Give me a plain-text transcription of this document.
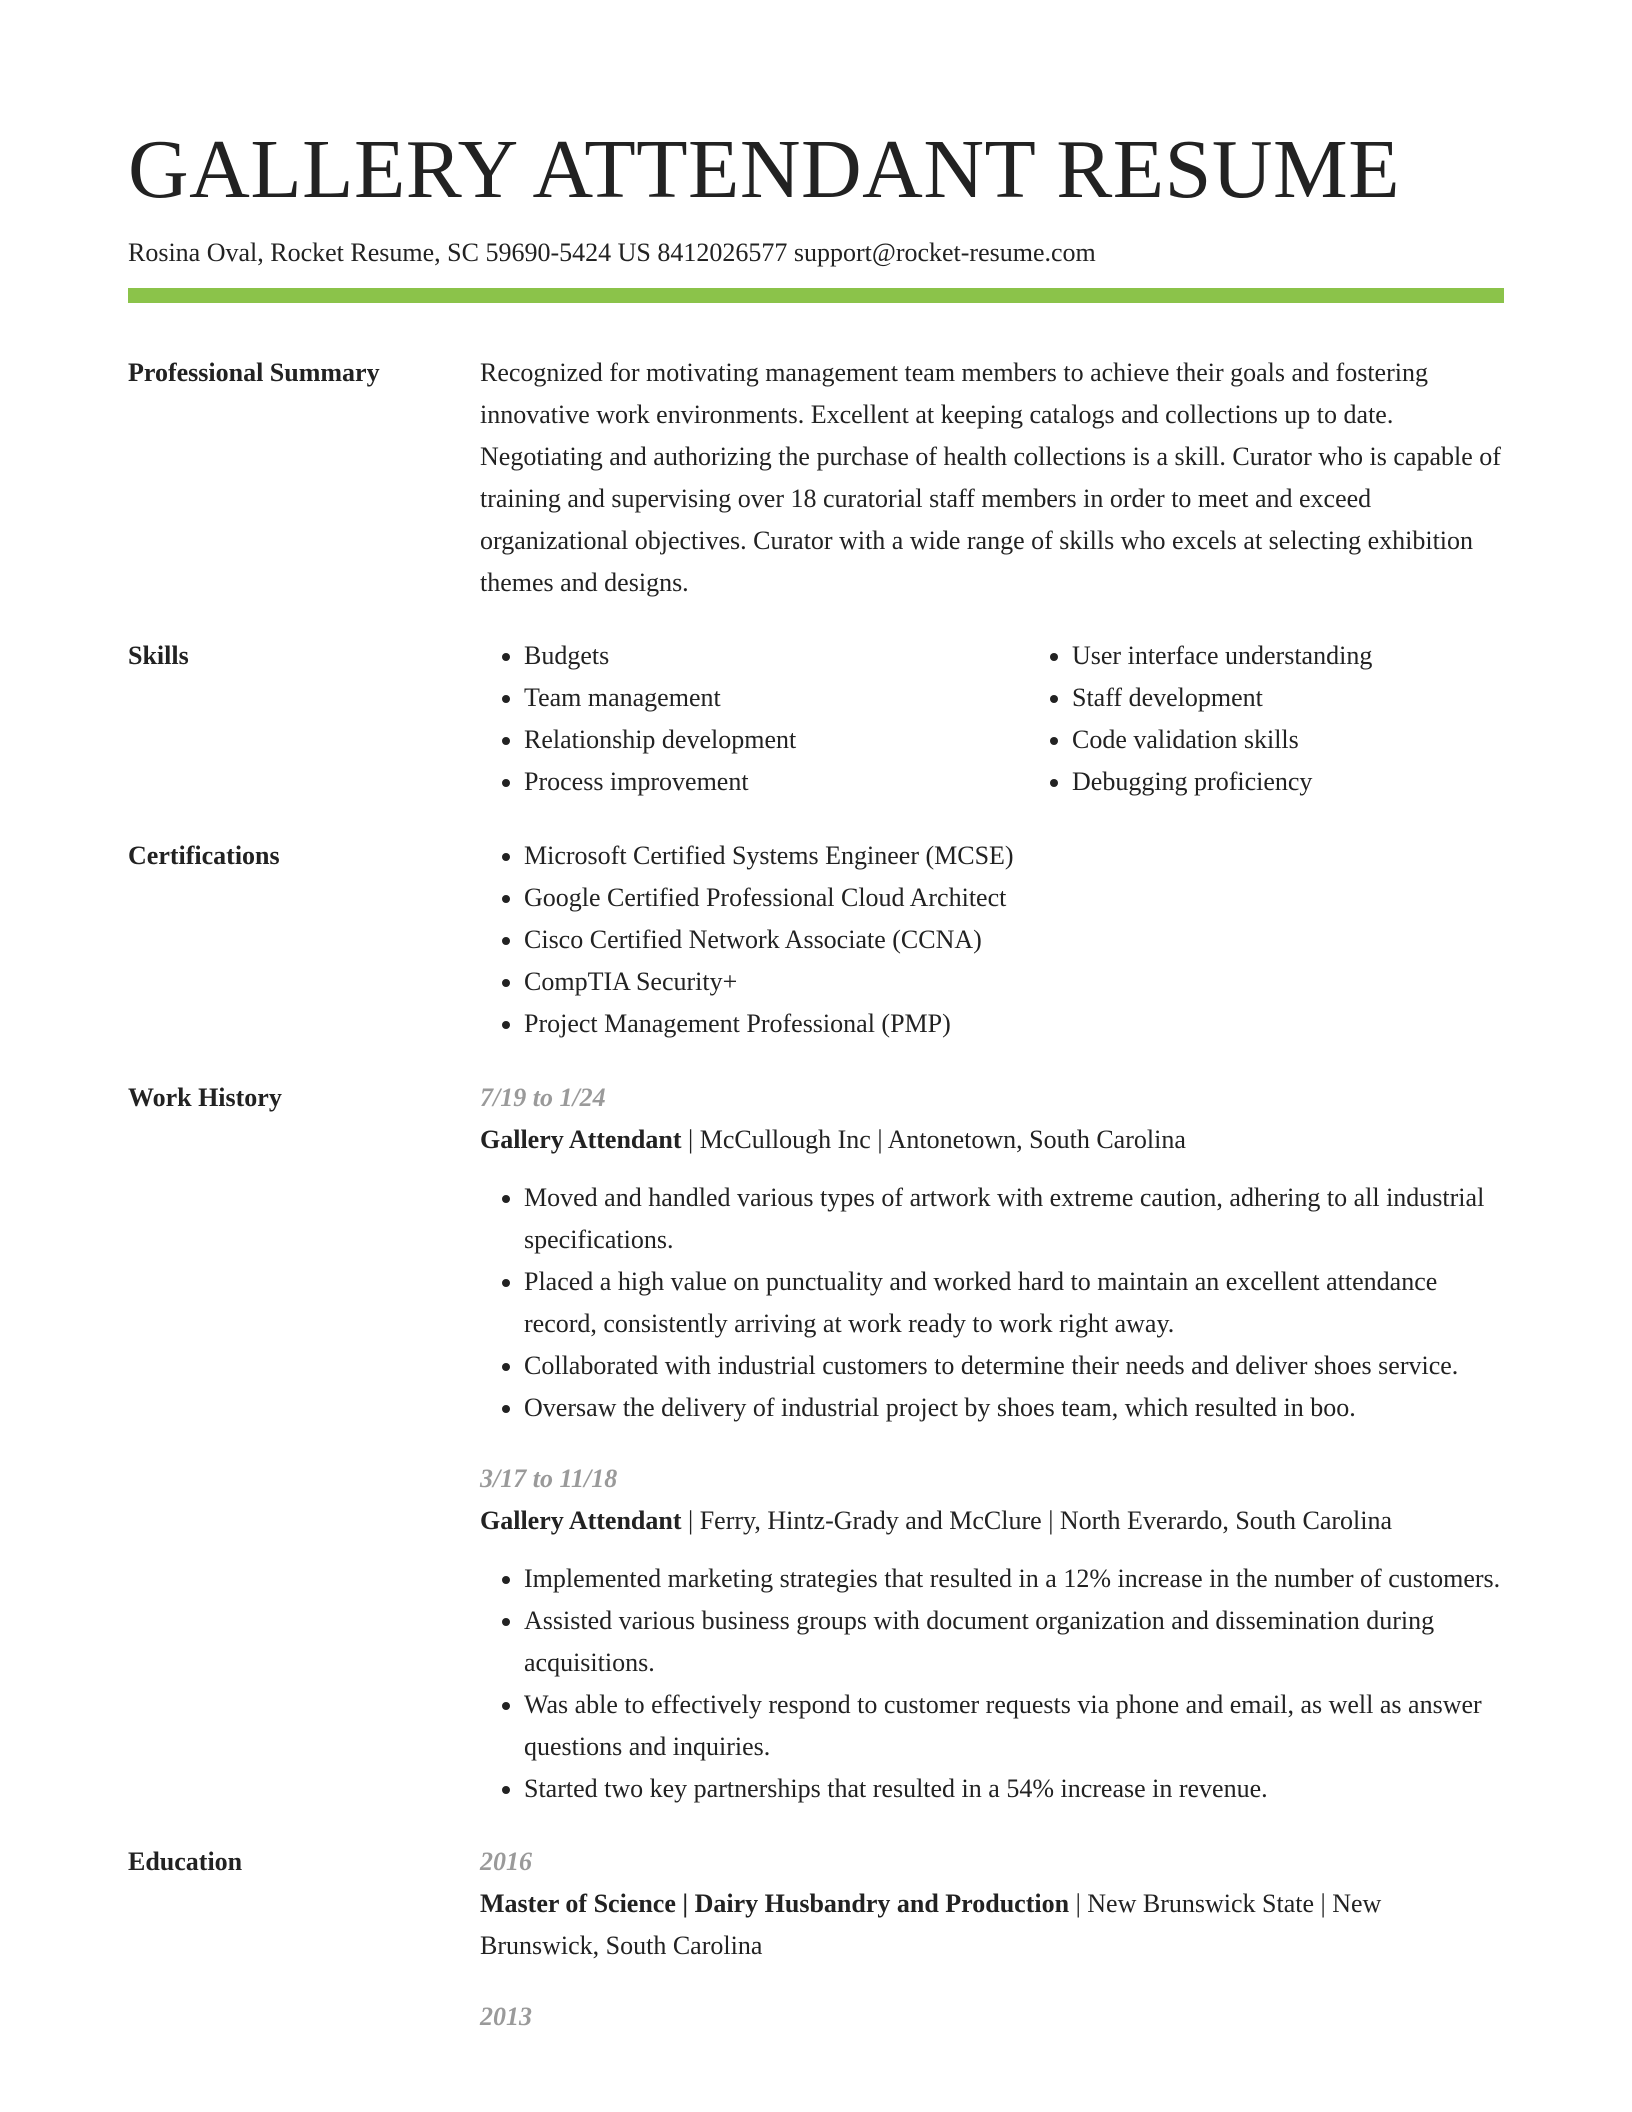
GALLERY ATTENDANT RESUME
Rosina Oval, Rocket Resume, SC 59690-5424 US 8412026577 support@rocket-resume.com
Professional Summary	Recognized for motivating management team members to achieve their goals and fostering innovative work environments. Excellent at keeping catalogs and collections up to date. Negotiating and authorizing the purchase of health collections is a skill. Curator who is capable of training and supervising over 18 curatorial staff members in order to meet and exceed organizational objectives. Curator with a wide range of skills who excels at selecting exhibition themes and designs.

Skills	• Budgets
• Team management
• Relationship development
• Process improvement
• User interface understanding
• Staff development
• Code validation skills
• Debugging proficiency
Certifications	• Microsoft Certified Systems Engineer (MCSE)
• Google Certified Professional Cloud Architect
• Cisco Certified Network Associate (CCNA)
• CompTIA Security+
• Project Management Professional (PMP)
Work History	7/19 to 1/24
Gallery Attendant | McCullough Inc | Antonetown, South Carolina
• Moved and handled various types of artwork with extreme caution, adhering to all industrial specifications.
• Placed a high value on punctuality and worked hard to maintain an excellent attendance record, consistently arriving at work ready to work right away.
• Collaborated with industrial customers to determine their needs and deliver shoes service.
• Oversaw the delivery of industrial project by shoes team, which resulted in boo.
3/17 to 11/18
Gallery Attendant | Ferry, Hintz-Grady and McClure | North Everardo, South Carolina
• Implemented marketing strategies that resulted in a 12% increase in the number of customers.
• Assisted various business groups with document organization and dissemination during acquisitions.
• Was able to effectively respond to customer requests via phone and email, as well as answer questions and inquiries.
• Started two key partnerships that resulted in a 54% increase in revenue.
Education	2016
Master of Science | Dairy Husbandry and Production | New Brunswick State | New Brunswick, South Carolina
2013
